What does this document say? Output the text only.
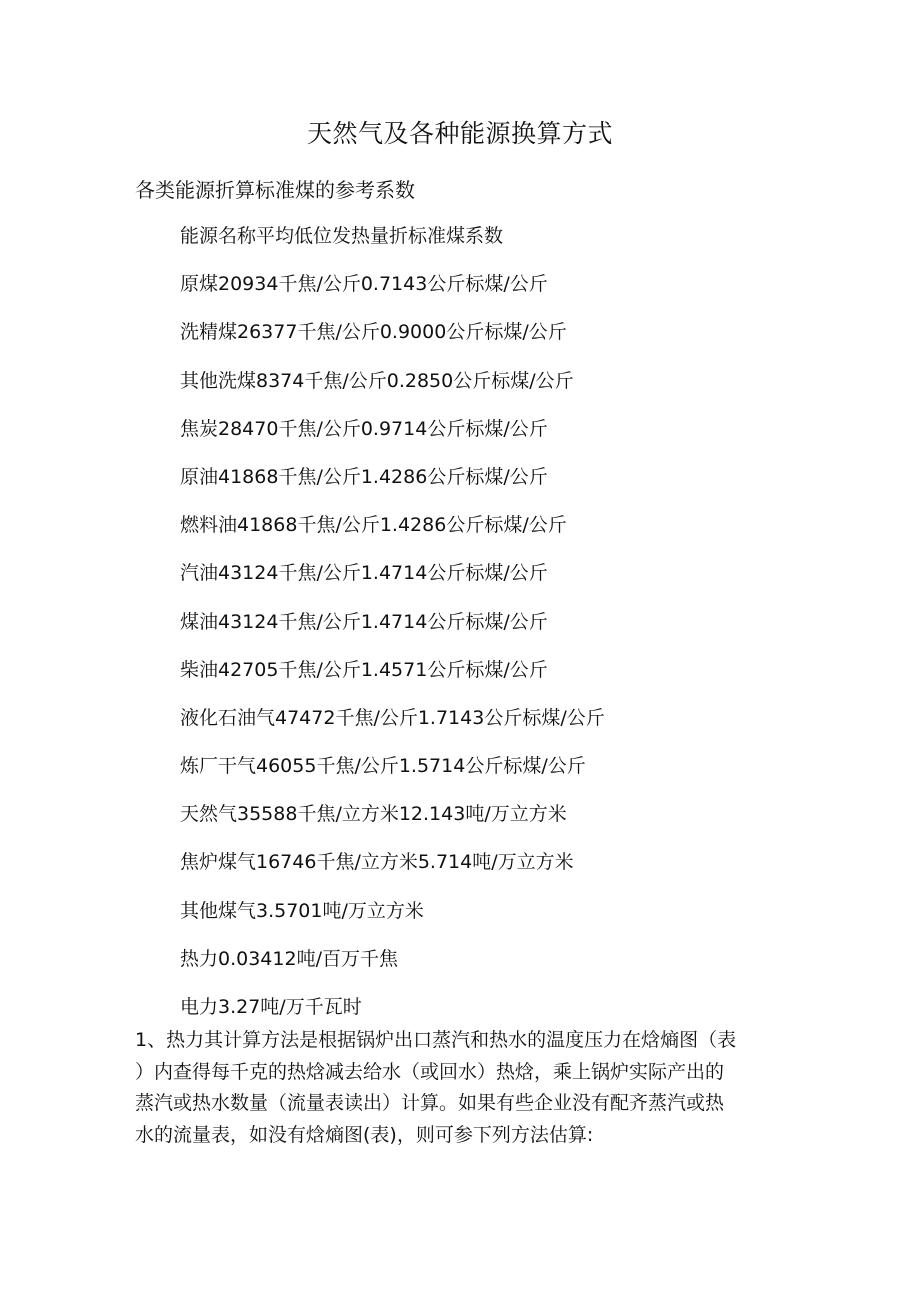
天然气及各种能源换算方式
各类能源折算标准煤的参考系数
能源名称平均低位发热量折标准煤系数
原煤20934千焦/公斤0.7143公斤标煤/公斤
洗精煤26377千焦/公斤0.9000公斤标煤/公斤
其他洗煤8374千焦/公斤0.2850公斤标煤/公斤
焦炭28470千焦/公斤0.9714公斤标煤/公斤
原油41868千焦/公斤1.4286公斤标煤/公斤
燃料油41868千焦/公斤1.4286公斤标煤/公斤
汽油43124千焦/公斤1.4714公斤标煤/公斤
煤油43124千焦/公斤1.4714公斤标煤/公斤
柴油42705千焦/公斤1.4571公斤标煤/公斤
液化石油气47472千焦/公斤1.7143公斤标煤/公斤
炼厂干气46055千焦/公斤1.5714公斤标煤/公斤
天然气35588千焦/立方米12.143吨/万立方米
焦炉煤气16746千焦/立方米5.714吨/万立方米
其他煤气3.5701吨/万立方米
热力0.03412吨/百万千焦
电力3.27吨/万千瓦时

1、热力其计算方法是根据锅炉出口蒸汽和热水的温度压力在焓熵图（表
）内查得每千克的热焓减去给水（或回水）热焓，乘上锅炉实际产出的
蒸汽或热水数量（流量表读出）计算。如果有些企业没有配齐蒸汽或热
水的流量表，如没有焓熵图(表)，则可参下列方法估算:
